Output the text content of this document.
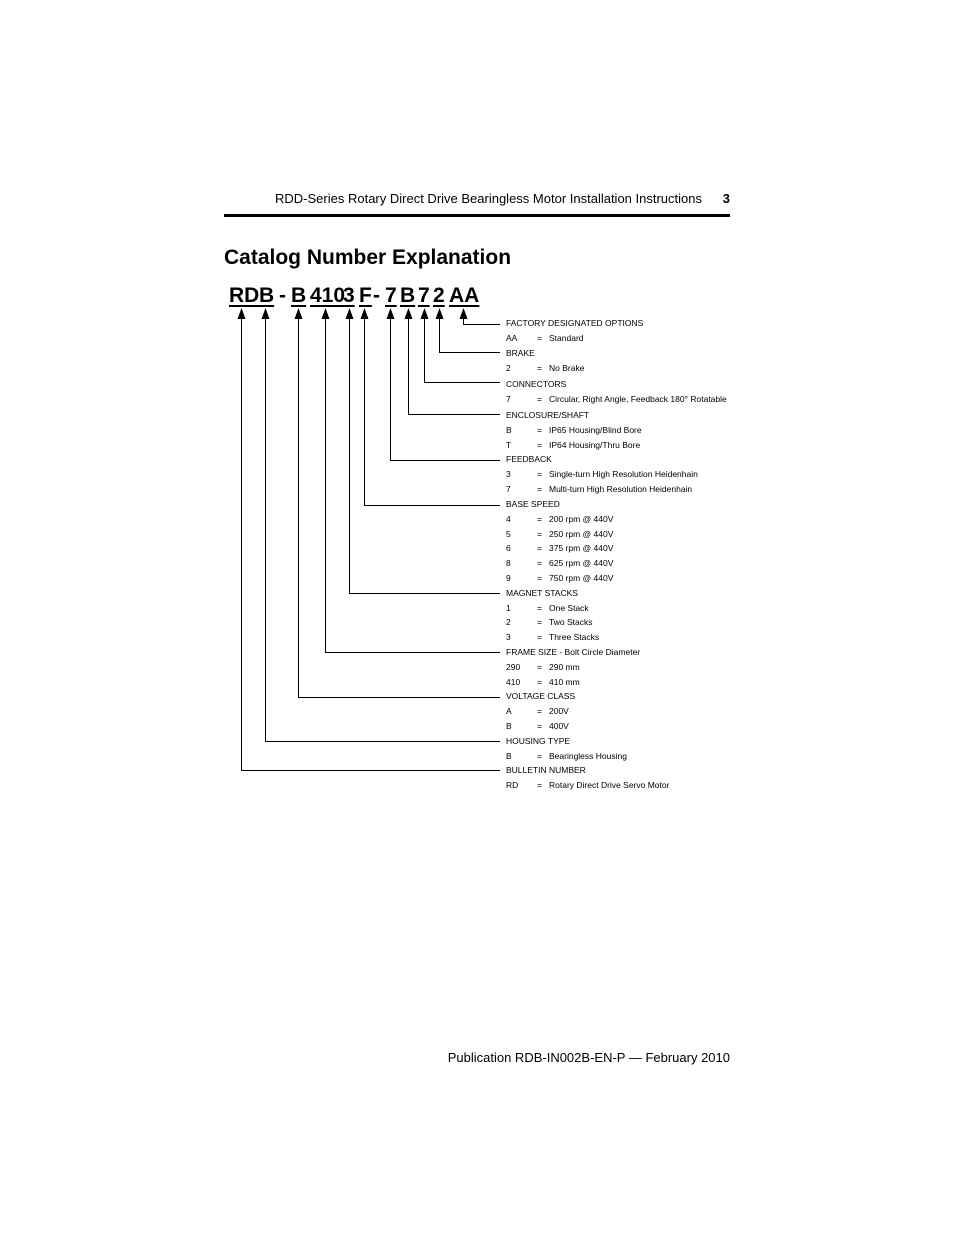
RDD-Series Rotary Direct Drive Bearingless Motor Installation Instructions 3
Catalog Number Explanation
RD B - B 410
3 F - 7 B 7 2 AA
FACTORY DESIGNATED OPTIONS
AA = Standard
BRAKE
2	= No Brake
CONNECTORS
7	= Circular, Right Angle, Feedback 180° Rotatable
ENCLOSURE/SHAFT
B	= IP65 Housing/Blind Bore
T	= IP64 Housing/Thru Bore
FEEDBACK
3	= Single-turn High Resolution Heidenhain
7	= Multi-turn High Resolution Heidenhain
BASE SPEED
4	= 200 rpm @ 440V
5	= 250 rpm @ 440V
6	= 375 rpm @ 440V
8	= 625 rpm @ 440V
9	= 750 rpm @ 440V
MAGNET STACKS
1	= One Stack
2	= Two Stacks
3	= Three Stacks
FRAME SIZE - Bolt Circle Diameter
290 = 290 mm
410 = 410 mm
VOLTAGE CLASS
A	= 200V
B	= 400V
HOUSING TYPE
B	= Bearingless Housing
BULLETIN NUMBER
RD = Rotary Direct Drive Servo Motor
Publication RDB-IN002B-EN-P — February 2010
